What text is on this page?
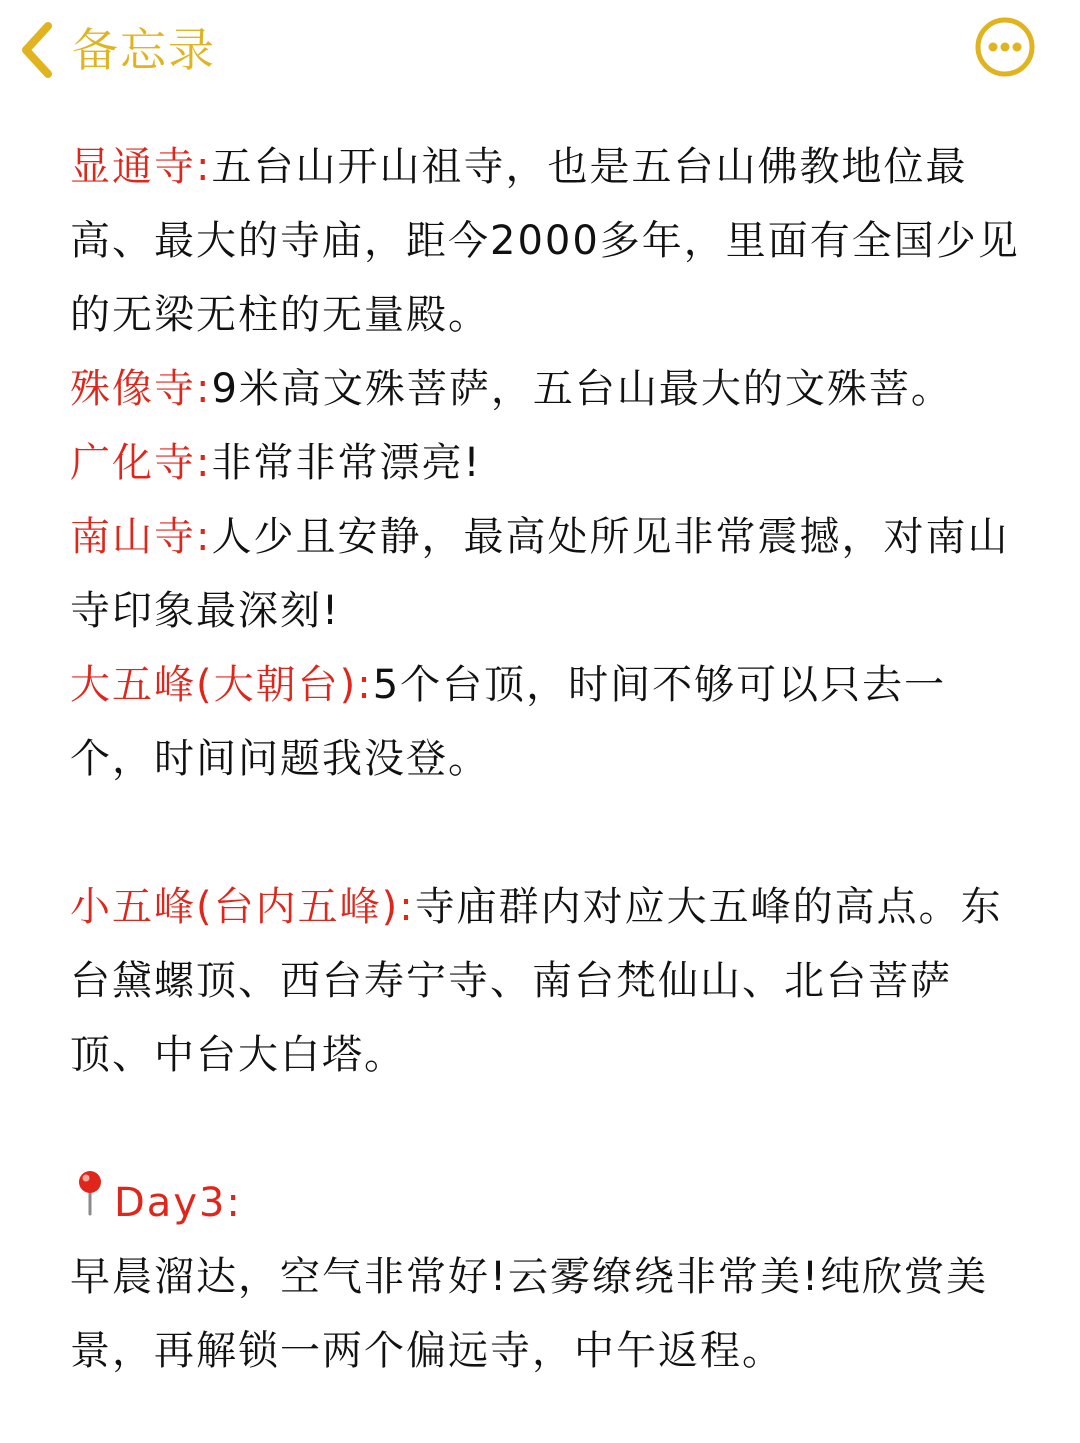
备忘录

显通寺:五台山开山祖寺，也是五台山佛教地位最高、最大的寺庙，距今2000多年，里面有全国少见的无梁无柱的无量殿。

殊像寺:9米高文殊菩萨，五台山最大的文殊菩。

广化寺:非常非常漂亮!

南山寺:人少且安静，最高处所见非常震撼，对南山寺印象最深刻!

大五峰(大朝台):5个台顶，时间不够可以只去一个，时间问题我没登。

小五峰(台内五峰):寺庙群内对应大五峰的高点。东台黛螺顶、西台寿宁寺、南台梵仙山、北台菩萨顶、中台大白塔。

Day3:

早晨溜达，空气非常好!云雾缭绕非常美!纯欣赏美景，再解锁一两个偏远寺，中午返程。
